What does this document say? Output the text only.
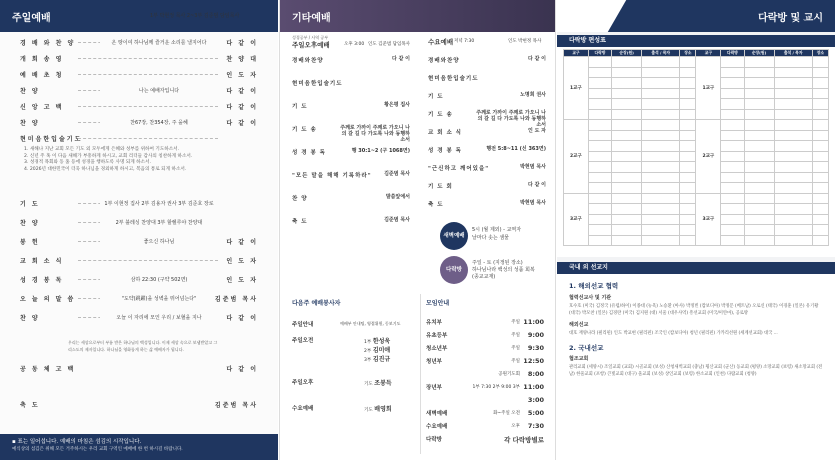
주일예배	1부 박현정 목사 2~3부 김준범 담임목사
경 배 와 찬 양	온 땅이여 하나님께 즐거운 소리를 낼지어다	다 같 이
개 회 송 영	찬 양 대
예 배 초 청	인 도 자
찬 양	나는 예배자입니다	다 같 이
신 앙 고 백	다 같 이
찬 양	찬67장, 찬354장, 주 을혜	다 같 이
현미음한입술기도
1. 새해나 지난 교회 모든 기도 외 모두에게 은혜와 성부를 위하여 기도하소서.
2. 신년 주 혹 이 다음 새해가 부흥하게 하시고, 교회 리더들 감사의 칭찬하게 하소서.
3. 성경적 목회와 동 홈 등에 성경을 행하도록 사명 되게 하소서.
4. 2026년 대한민국이 더욱 하나님을 경외하게 하시고, 복음의 통로 되게 하소서.
기 도	1부 이현정 집사 2부 김용자 권사 3부 김준호 장로
찬 양	2부 블레싱 찬양대 3부 할렐루야 찬양대
봉 헌	좋으신 하나님	다 같 이
교 회 소 식	인 도 자
성 경 봉 독	삼하 22:30 (구약 502면)	인 도 자
오 늘 의 말 씀	"도약(跳躍)을 성벽을 뛰어넘는다"	김준범 목사
찬 양	오늘 이 자리에 모인 우리 / 보혈을 지나	다 같 이
공 동 체 고 백	다 같 이
우리는 세상으로부터 부름 받은 하나님의 백성입니다. 이제 세상 속으로 보냄받았고 그리스도의 제자입니다. 하나님을 영화롭게 하는 삶 예배자가 됩니다.
축 도	김준범 목사
▪ 표는 일어섭니다. 예배의 마침은 섬김의 시작입니다.
예식상의 섬김은 위해 모든 거주하시는 우리 교회 구역인 예배에 한 번 하시길 바랍니다.
기타예배
성경공부 / 사역 공부
주일오후예배	오후 3:00 인도 김준범 담임목사	수요예배 저녁 7:30	인도 박현정 목사
경배와찬양	다 같 이
현미음한입술기도
기 도	황은평 집사
기 도 송	주께로 가까이 주께로 가오니 나의 갈 길 다 가도록 나와 동행하소서
성 경 봉 독	행 30:1~2 (구 1068면)
"모든 말을 해해 기록하라" 김준범 목사
찬 양	말씀앞에서
축 도	김준범 목사
경배와찬양	다 같 이
현미음한입술기도
기 도	노명희 권사
기 도 송	주께로 가까이 주께로 가오니 나의 갈 길 다 가도록 나와 동행하소서
교 회 소 식	인 도 자
성 경 봉 독	행전 5:8~11 (신 363면)
"근신하고 깨어있을"	박현범 목사
기 도 회	다 같 이
축 도	박현범 목사
새벽예배
5시 (월 제외) - 교역자
날마다 솟는 샘물
다락방
주일 - 토 (지정된 장소)
하나님나라 백성의 성품 회복
(종교교재)
다음주 예배봉사자	모임안내
주일안내	예배부 안내팀, 영접위원, 동보기도
주일오전	1부 한성욱
2부 김미애
3부 김진규
주일오후	기도 조봉득
수요예배	기도 배영희
유치부	주일 11:00
유초등부	주일 9:00
청소년부	주일 9:30
청년부	주일 12:50
공원기도회 8:00
장년부	1부 7:30 2부 9:00 3부 11:00
3:00
새벽예배	화~주일 오전 5:00
수요예배	오후 7:30
다락방	각 다락방별로
다락방 및 교시
다락방 편성표
교구	다락방	순장(원)	출석 / 목자	장소	교구	다락방	순장(원)	출석 / 목자	장소
1교구					1교구				

2교구					2교구				

3교구					3교구				

국내 외 선교지
1. 해외선교 협력
협력선교사 및 기관
호수호 (미국) 김정국 (유럽/하이) 이종대 (뉴욕) 노승환 (아사) 박정빈 (캄보디아) 박정문 (베트남) 오로신 (태국) 이경훈 (일본) 유기황 (대국) 박모찬 (일본) 김경란 (미국) 김지원 (대) 서울 (대우사역) 흥선교회 (미국/미얀마), 공로방
해외선교
대호 재양나라 (필리핀) 인도 박교현 (필리핀) 조국인 (캄보디아) 청년 (필리핀) 가카리선원 (세계선교회) 대국 ...
2. 국내선교
협조교회
관리교회 (세양시) 조일교회 (교회) 시골교회 (보성) 산청새벽교회 (충남) 횡산교회 (군산) 동교회 (평양) 소망교회 (보령) 새소망교회 (전남) 한울교회 (포항) 큰빛교회 (대구) 울교회 (보성) 상인교회 (보령) 한소교회 (인천) 다람교회 (청양)
